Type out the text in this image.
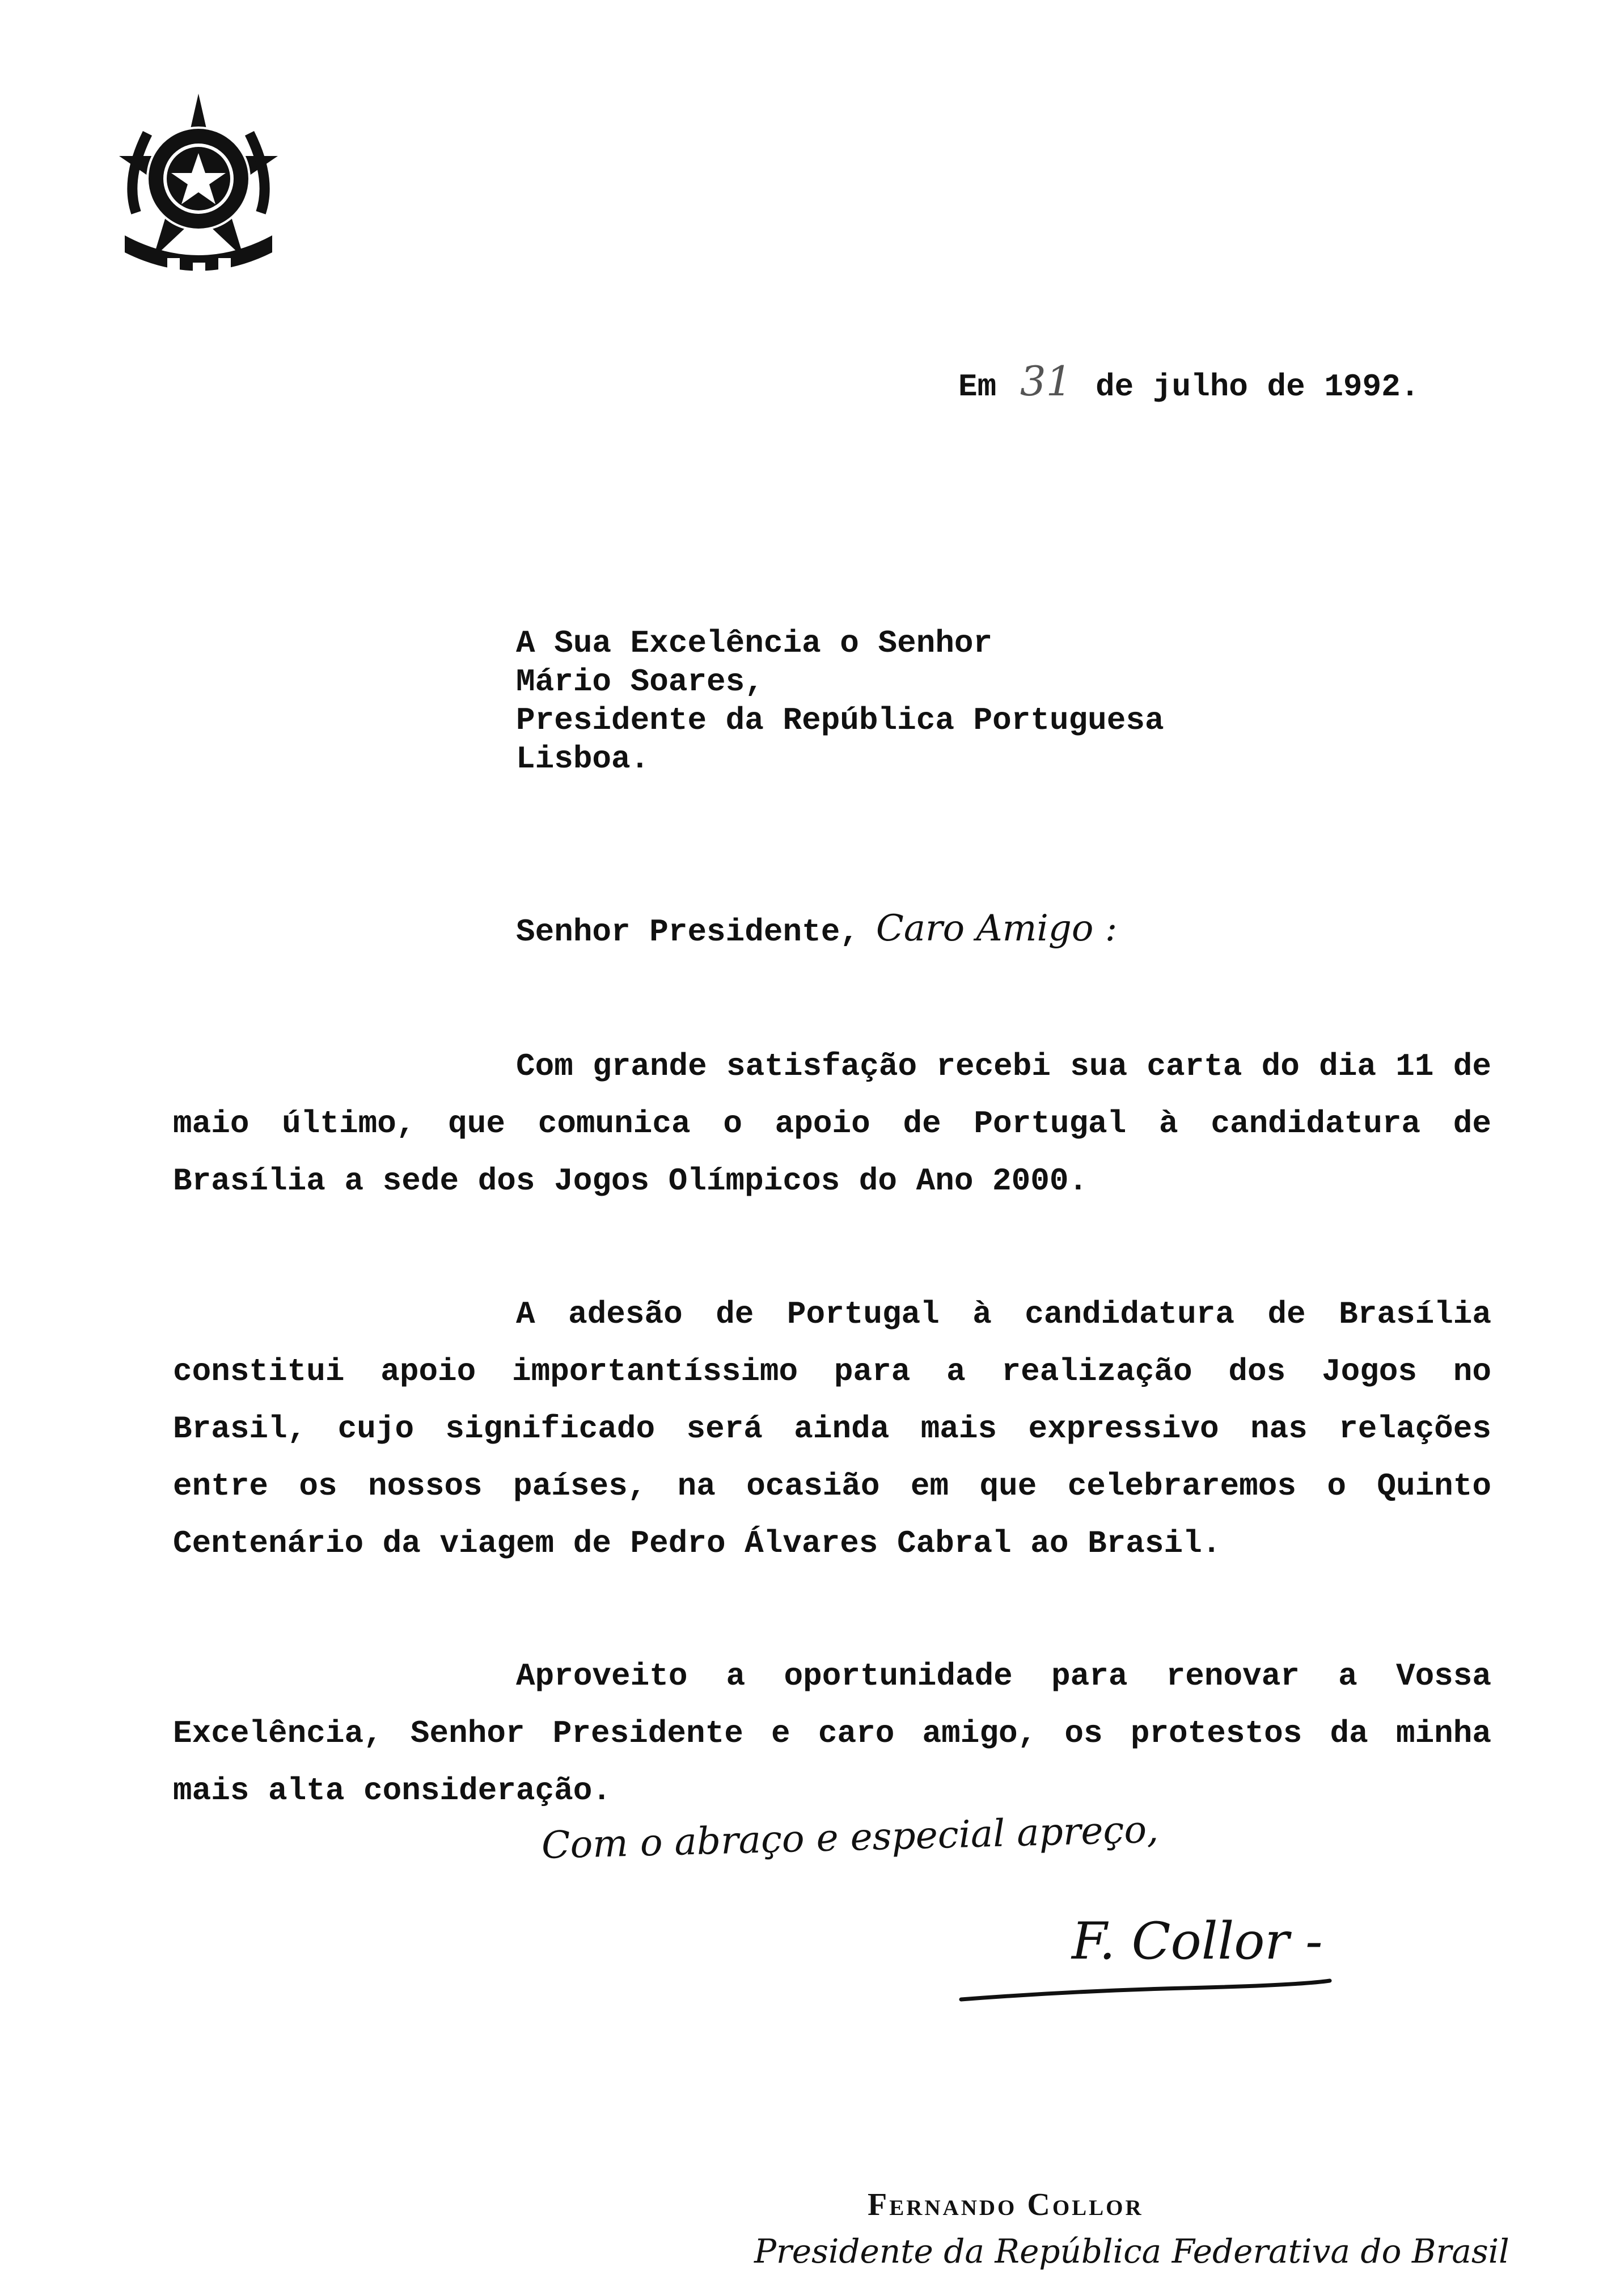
Em 31 de julho de 1992.
A Sua Excelência o Senhor
Mário Soares,
Presidente da República Portuguesa
Lisboa.
Senhor Presidente, Caro Amigo :
Com grande satisfação recebi sua carta do dia 11 de maio último, que comunica o apoio de Portugal à candidatura de Brasília a sede dos Jogos Olímpicos do Ano 2000.
A adesão de Portugal à candidatura de Brasília constitui apoio importantíssimo para a realização dos Jogos no Brasil, cujo significado será ainda mais expressivo nas relações entre os nossos países, na ocasião em que celebraremos o Quinto Centenário da viagem de Pedro Álvares Cabral ao Brasil.
Aproveito a oportunidade para renovar a Vossa Excelência, Senhor Presidente e caro amigo, os protestos da minha mais alta consideração.
Com o abraço e especial apreço,
F. Collor -
Fernando Collor
Presidente da República Federativa do Brasil
